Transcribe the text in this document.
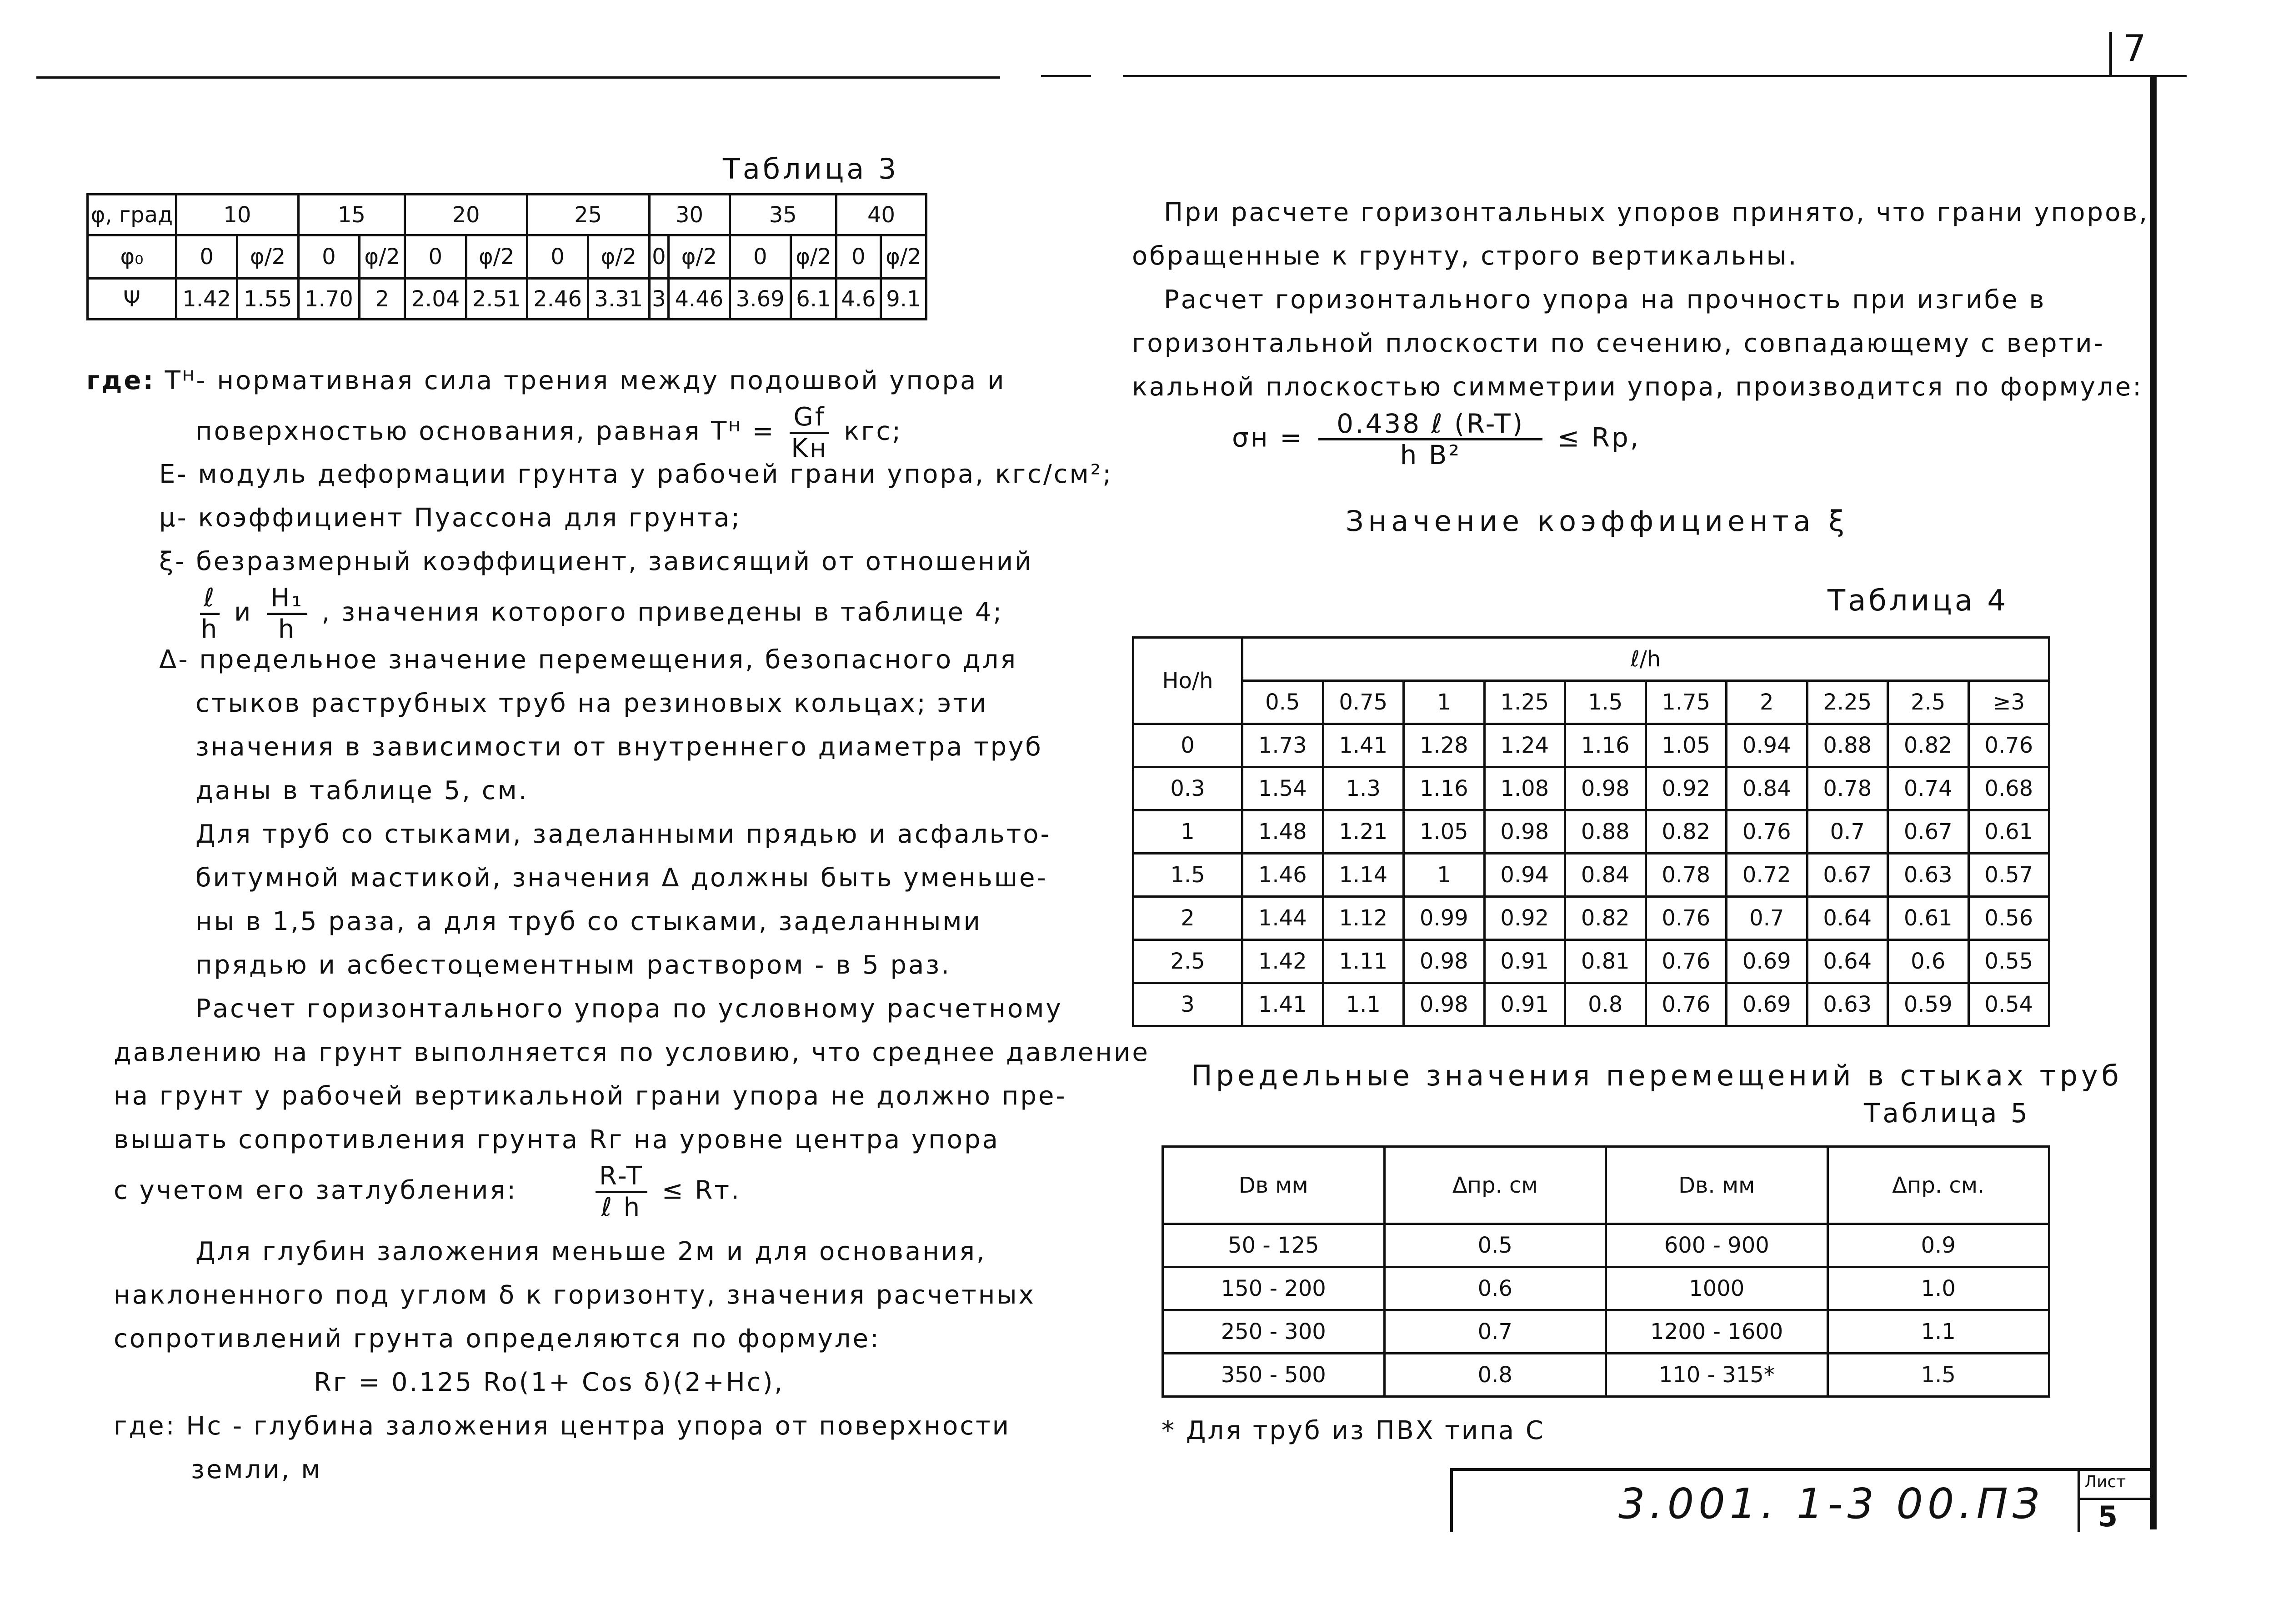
7
Таблица 3
φ, град	10		15		20		25		30		35		40	
φ₀	0	φ/2	0	φ/2	0	φ/2	0	φ/2	0	φ/2	0	φ/2	0	φ/2
Ψ	1.42	1.55	1.70	2	2.04	2.51	2.46	3.31	3	4.46	3.69	6.1	4.6	9.1
где: Tᴴ- нормативная сила трения между подошвой упора и
поверхностью основания, равная Tᴴ = $\frac{Gf}{Kн}$ кгс;
Е- модуль деформации грунта у рабочей грани упора, кгс/см²;
μ- коэффициент Пуассона для грунта;
ξ- безразмерный коэффициент, зависящий от отношений
$\frac{\text{ℓ}}{h}$ и $\frac{\text{H₁}}{h}$ , значения которого приведены в таблице 4;
Δ- предельное значение перемещения, безопасного для
стыков раструбных труб на резиновых кольцах; эти
значения в зависимости от внутреннего диаметра труб
даны в таблице 5, см.
Для труб со стыками, заделанными прядью и асфальто-
битумной мастикой, значения Δ должны быть уменьше-
ны в 1,5 раза, а для труб со стыками, заделанными
прядью и асбестоцементным раствором - в 5 раз.
Расчет горизонтального упора по условному расчетному
давлению на грунт выполняется по условию, что среднее давление
на грунт у рабочей вертикальной грани упора не должно пре-
вышать сопротивления грунта Rг на уровне центра упора
с учетом его затлубления:	$\frac{R-T}{\text{ℓ h}}$ ≤ Rт.
Для глубин заложения меньше 2м и для основания,
наклоненного под углом δ к горизонту, значения расчетных
сопротивлений грунта определяются по формуле:
Rг = 0.125 Ro(1+ Cos δ)(2+Hc),
где: Hc - глубина заложения центра упора от поверхности
земли, м
При расчете горизонтальных упоров принято, что грани упоров,
обращенные к грунту, строго вертикальны.
Расчет горизонтального упора на прочность при изгибе в
горизонтальной плоскости по сечению, совпадающему с верти-
кальной плоскостью симметрии упора, производится по формуле:
$\sigma н = \frac{\text{0.438 ℓ (R-T)}}{\text{h B²}} \le Rp$,
Значение коэффициента ξ
Таблица 4
Ho/h	ℓ/h									
	0.5	0.75	1	1.25	1.5	1.75	2	2.25	2.5	≥3
0	1.73	1.41	1.28	1.24	1.16	1.05	0.94	0.88	0.82	0.76
0.3	1.54	1.3	1.16	1.08	0.98	0.92	0.84	0.78	0.74	0.68
1	1.48	1.21	1.05	0.98	0.88	0.82	0.76	0.7	0.67	0.61
1.5	1.46	1.14	1	0.94	0.84	0.78	0.72	0.67	0.63	0.57
2	1.44	1.12	0.99	0.92	0.82	0.76	0.7	0.64	0.61	0.56
2.5	1.42	1.11	0.98	0.91	0.81	0.76	0.69	0.64	0.6	0.55
3	1.41	1.1	0.98	0.91	0.8	0.76	0.69	0.63	0.59	0.54
Предельные значения перемещений в стыках труб
Таблица 5
Dв мм	Δпр. см	Dв. мм	Δпр. см.
50 - 125	0.5	600 - 900	0.9
150 - 200	0.6	1000	1.0
250 - 300	0.7	1200 - 1600	1.1
350 - 500	0.8	110 - 315*	1.5
* Для труб из ПВХ типа С
3.001. 1-3 00.ПЗ Лист
5
